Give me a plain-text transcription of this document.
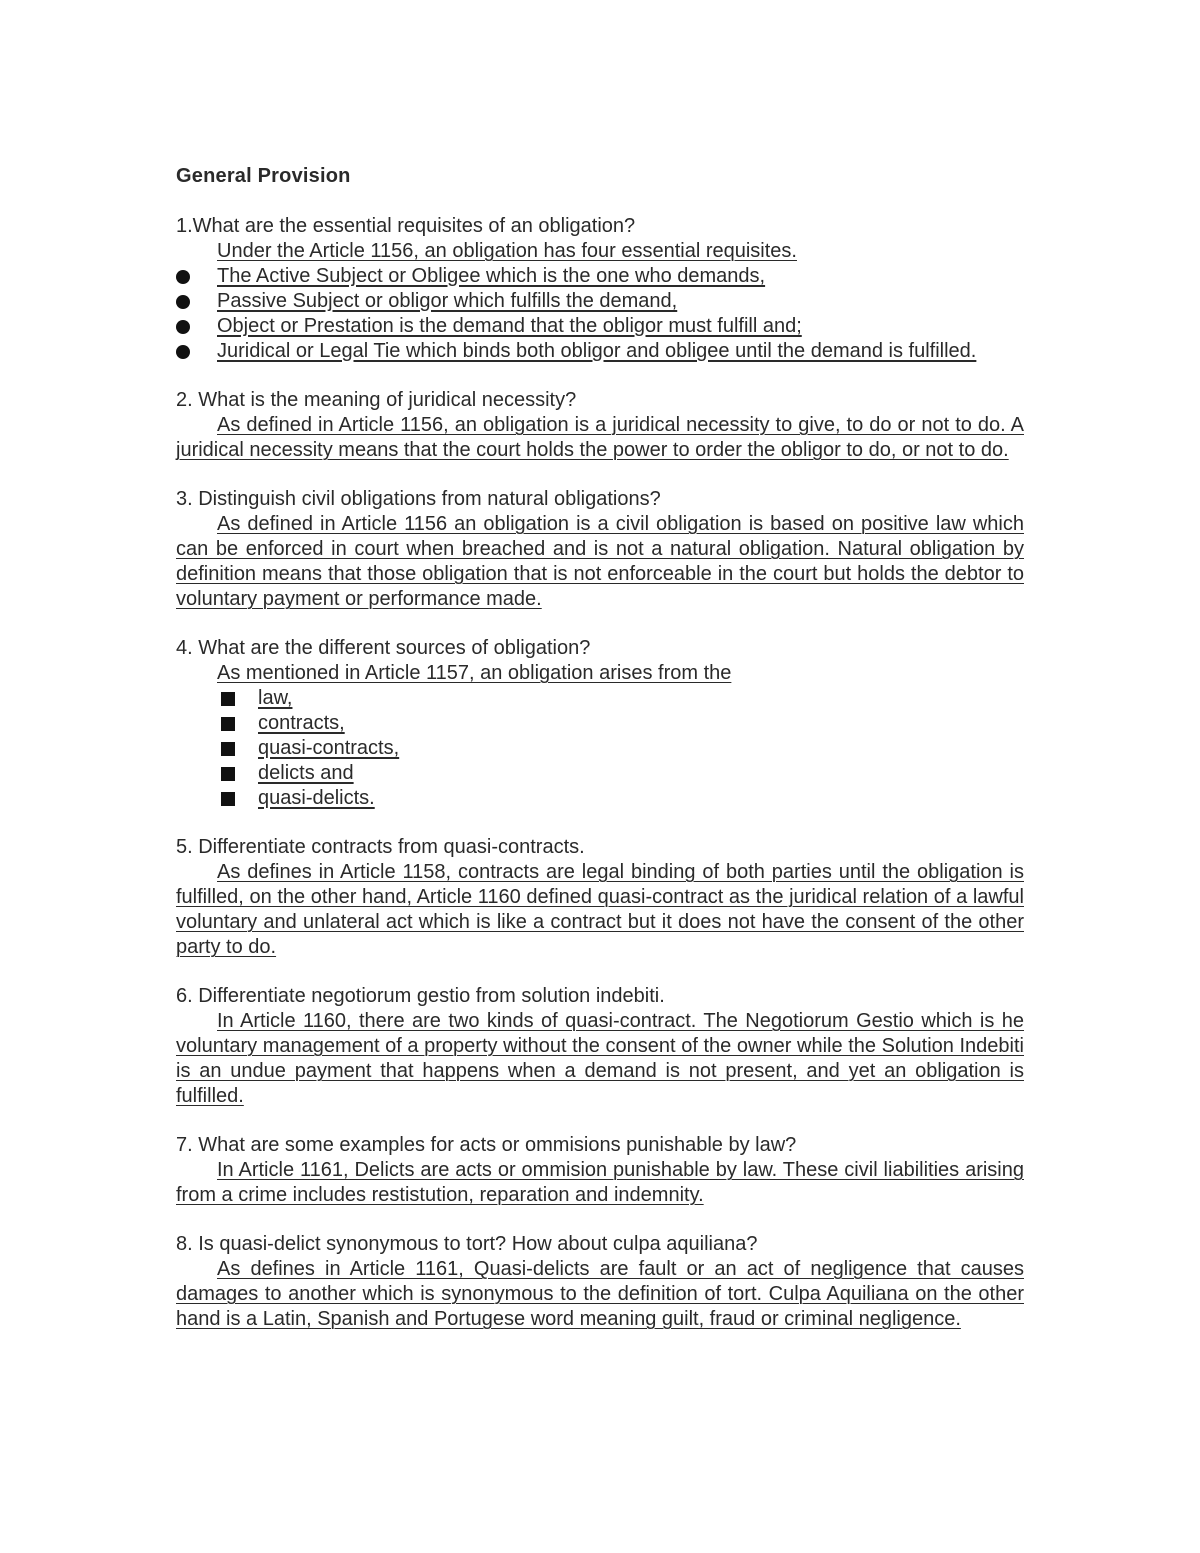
General Provision

1.What are the essential requisites of an obligation?

Under the Article 1156, an obligation has four essential requisites.

The Active Subject or Obligee which is the one who demands,
Passive Subject or obligor which fulfills the demand,
Object or Prestation is the demand that the obligor must fulfill and;
Juridical or Legal Tie which binds both obligor and obligee until the demand is fulfilled.

2. What is the meaning of juridical necessity?

As defined in Article 1156, an obligation is a juridical necessity to give, to do or not to do. A juridical necessity means that the court holds the power to order the obligor to do, or not to do.

3. Distinguish civil obligations from natural obligations?

As defined in Article 1156 an obligation is a civil obligation is based on positive law which can be enforced in court when breached and is not a natural obligation. Natural obligation by definition means that those obligation that is not enforceable in the court but holds the debtor to voluntary payment or performance made.

4. What are the different sources of obligation?

As mentioned in Article 1157, an obligation arises from the

law,
contracts,
quasi-contracts,
delicts and
quasi-delicts.

5. Differentiate contracts from quasi-contracts.

As defines in Article 1158, contracts are legal binding of both parties until the obligation is fulfilled, on the other hand, Article 1160 defined quasi-contract as the juridical relation of a lawful voluntary and unlateral act which is like a contract but it does not have the consent of the other party to do.

6. Differentiate negotiorum gestio from solution indebiti.

In Article 1160, there are two kinds of quasi-contract. The Negotiorum Gestio which is he voluntary management of a property without the consent of the owner while the Solution Indebiti is an undue payment that happens when a demand is not present, and yet an obligation is fulfilled.

7. What are some examples for acts or ommisions punishable by law?

In Article 1161, Delicts are acts or ommision punishable by law. These civil liabilities arising from a crime includes restistution, reparation and indemnity.

8. Is quasi-delict synonymous to tort? How about culpa aquiliana?

As defines in Article 1161, Quasi-delicts are fault or an act of negligence that causes damages to another which is synonymous to the definition of tort. Culpa Aquiliana on the other hand is a Latin, Spanish and Portugese word meaning guilt, fraud or criminal negligence.
